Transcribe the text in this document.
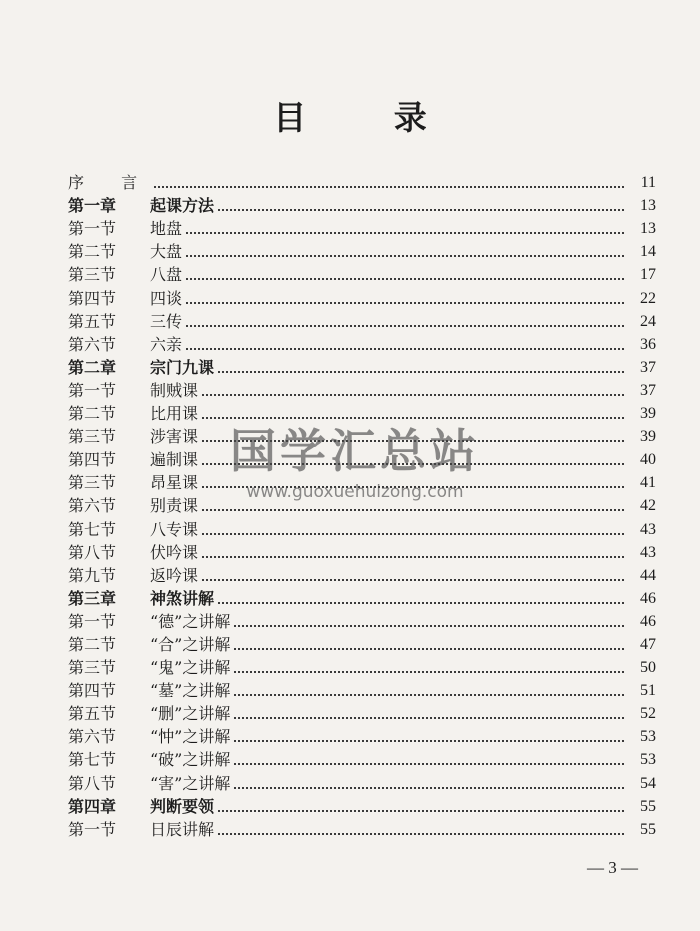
目 录
序 言	11
第一章	起课方法	13
第一节	地盘	13
第二节	大盘	14
第三节	八盘	17
第四节	四谈	22
第五节	三传	24
第六节	六亲	36
第二章	宗门九课	37
第一节	制贼课	37
第二节	比用课	39
第三节	涉害课	39
第四节	遍制课	40
第三节	昂星课	41
第六节	别责课	42
第七节	八专课	43
第八节	伏吟课	43
第九节	返吟课	44
第三章	神煞讲解	46
第一节	“德”之讲解	46
第二节	“合”之讲解	47
第三节	“鬼”之讲解	50
第四节	“墓”之讲解	51
第五节	“删”之讲解	52
第六节	“忡”之讲解	53
第七节	“破”之讲解	53
第八节	“害”之讲解	54
第四章	判断要领	55
第一节	日辰讲解	55
国学汇总站
www.guoxuehuizong.com
— 3 —
